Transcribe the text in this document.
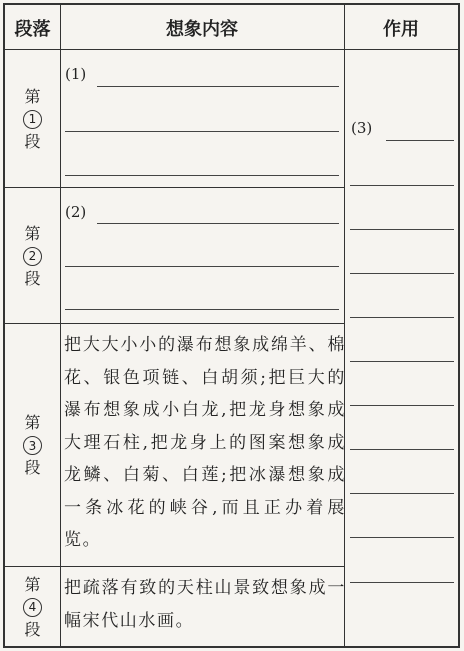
段落	想象内容	作用
第
1
段
第
2
段
第
3
段
第
4
段
(1)
(2)
把大大小小的瀑布想象成绵羊、棉花、银色项链、白胡须;把巨大的瀑布想象成小白龙,把龙身想象成大理石柱,把龙身上的图案想象成龙鳞、白菊、白莲;把冰瀑想象成一条冰花的峡谷,而且正办着展览。
把疏落有致的天柱山景致想象成一幅宋代山水画。
(3)
